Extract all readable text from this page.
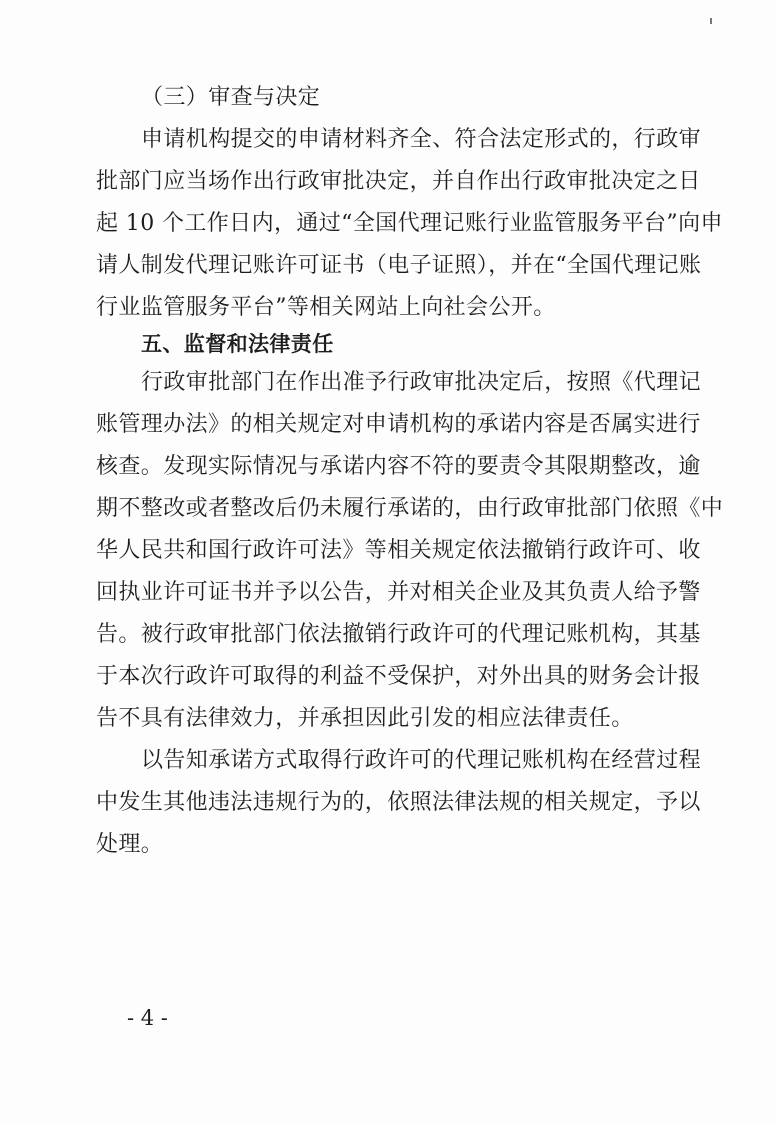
（三）审查与决定
申请机构提交的申请材料齐全、符合法定形式的，行政审
批部门应当场作出行政审批决定，并自作出行政审批决定之日
起 10 个工作日内，通过“全国代理记账行业监管服务平台”向申
请人制发代理记账许可证书（电子证照），并在“全国代理记账
行业监管服务平台”等相关网站上向社会公开。
五、监督和法律责任
行政审批部门在作出准予行政审批决定后，按照《代理记
账管理办法》的相关规定对申请机构的承诺内容是否属实进行
核查。发现实际情况与承诺内容不符的要责令其限期整改，逾
期不整改或者整改后仍未履行承诺的，由行政审批部门依照《中
华人民共和国行政许可法》等相关规定依法撤销行政许可、收
回执业许可证书并予以公告，并对相关企业及其负责人给予警
告。被行政审批部门依法撤销行政许可的代理记账机构，其基
于本次行政许可取得的利益不受保护，对外出具的财务会计报
告不具有法律效力，并承担因此引发的相应法律责任。
以告知承诺方式取得行政许可的代理记账机构在经营过程
中发生其他违法违规行为的，依照法律法规的相关规定，予以
处理。
- 4 -
